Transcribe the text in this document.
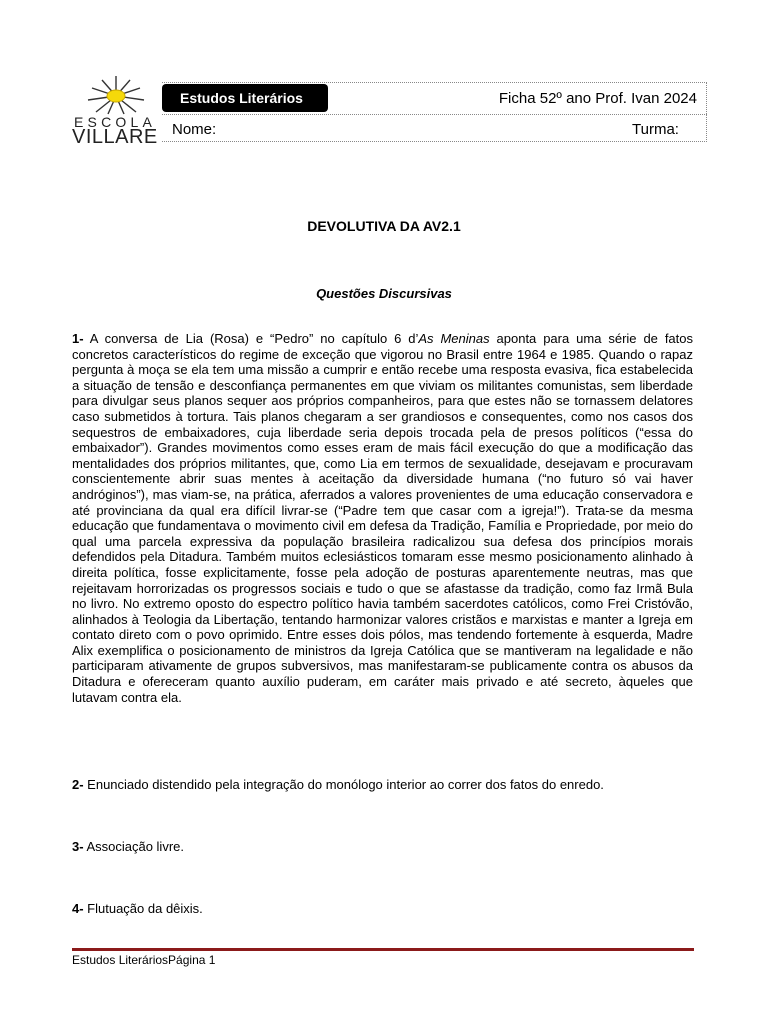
ESCOLA
VILLARE
Estudos Literários	Ficha 52º ano Prof. Ivan 2024
Nome:	Turma:
DEVOLUTIVA DA AV2.1
Questões Discursivas
1- A conversa de Lia (Rosa) e “Pedro” no capítulo 6 d’As Meninas aponta para uma série de fatos concretos característicos do regime de exceção que vigorou no Brasil entre 1964 e 1985. Quando o rapaz pergunta à moça se ela tem uma missão a cumprir e então recebe uma resposta evasiva, fica estabelecida a situação de tensão e desconfiança permanentes em que viviam os militantes comunistas, sem liberdade para divulgar seus planos sequer aos próprios companheiros, para que estes não se tornassem delatores caso submetidos à tortura. Tais planos chegaram a ser grandiosos e consequentes, como nos casos dos sequestros de embaixadores, cuja liberdade seria depois trocada pela de presos políticos (“essa do embaixador”). Grandes movimentos como esses eram de mais fácil execução do que a modificação das mentalidades dos próprios militantes, que, como Lia em termos de sexualidade, desejavam e procuravam conscientemente abrir suas mentes à aceitação da diversidade humana (“no futuro só vai haver andróginos”), mas viam-se, na prática, aferrados a valores provenientes de uma educação conservadora e até provinciana da qual era difícil livrar-se (“Padre tem que casar com a igreja!”). Trata-se da mesma educação que fundamentava o movimento civil em defesa da Tradição, Família e Propriedade, por meio do qual uma parcela expressiva da população brasileira radicalizou sua defesa dos princípios morais defendidos pela Ditadura. Também muitos eclesiásticos tomaram esse mesmo posicionamento alinhado à direita política, fosse explicitamente, fosse pela adoção de posturas aparentemente neutras, mas que rejeitavam horrorizadas os progressos sociais e tudo o que se afastasse da tradição, como faz Irmã Bula no livro. No extremo oposto do espectro político havia também sacerdotes católicos, como Frei Cristóvão, alinhados à Teologia da Libertação, tentando harmonizar valores cristãos e marxistas e manter a Igreja em contato direto com o povo oprimido. Entre esses dois pólos, mas tendendo fortemente à esquerda, Madre Alix exemplifica o posicionamento de ministros da Igreja Católica que se mantiveram na legalidade e não participaram ativamente de grupos subversivos, mas manifestaram-se publicamente contra os abusos da Ditadura e ofereceram quanto auxílio puderam, em caráter mais privado e até secreto, àqueles que lutavam contra ela.
2- Enunciado distendido pela integração do monólogo interior ao correr dos fatos do enredo.
3- Associação livre.
4- Flutuação da dêixis.
Estudos LiteráriosPágina 1
